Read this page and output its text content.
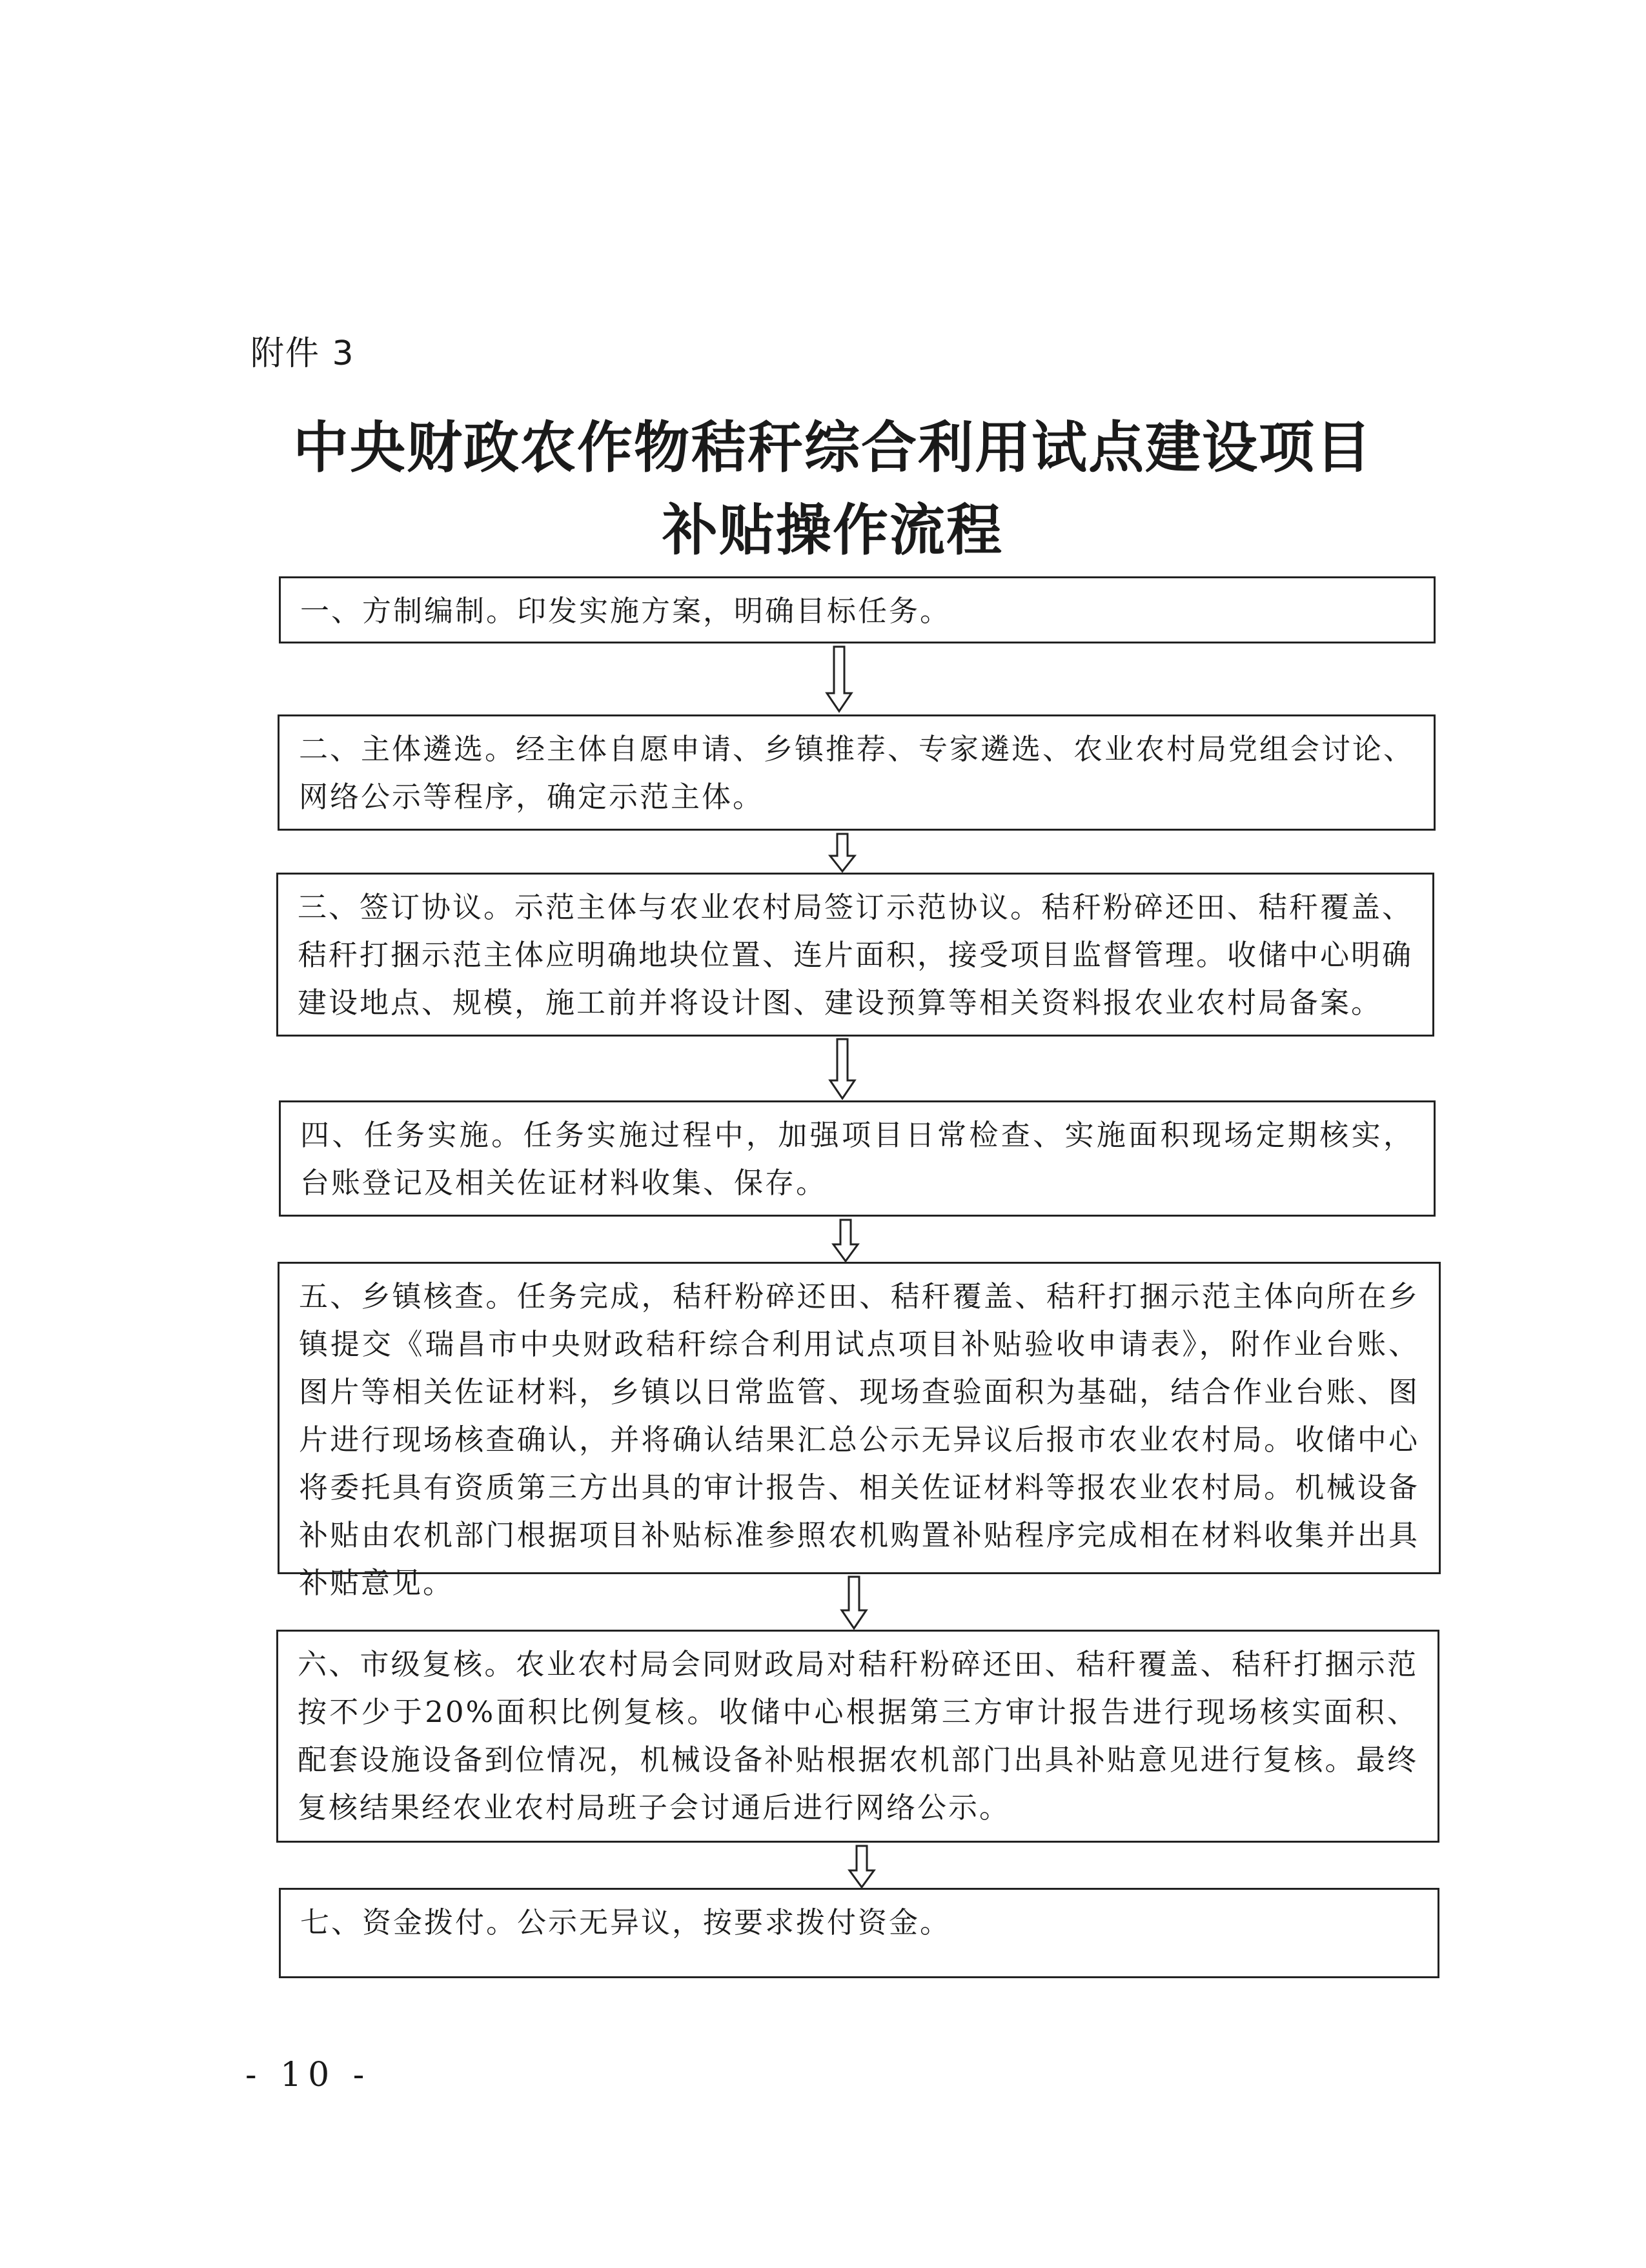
附件 3
中央财政农作物秸秆综合利用试点建设项目
补贴操作流程
一、方制编制。印发实施方案，明确目标任务。
二、主体遴选。经主体自愿申请、乡镇推荐、专家遴选、农业农村局党组会讨论、网络公示等程序，确定示范主体。
三、签订协议。示范主体与农业农村局签订示范协议。秸秆粉碎还田、秸秆覆盖、秸秆打捆示范主体应明确地块位置、连片面积，接受项目监督管理。收储中心明确建设地点、规模，施工前并将设计图、建设预算等相关资料报农业农村局备案。
四、任务实施。任务实施过程中，加强项目日常检查、实施面积现场定期核实，台账登记及相关佐证材料收集、保存。
五、乡镇核查。任务完成，秸秆粉碎还田、秸秆覆盖、秸秆打捆示范主体向所在乡镇提交《瑞昌市中央财政秸秆综合利用试点项目补贴验收申请表》，附作业台账、图片等相关佐证材料，乡镇以日常监管、现场查验面积为基础，结合作业台账、图片进行现场核查确认，并将确认结果汇总公示无异议后报市农业农村局。收储中心将委托具有资质第三方出具的审计报告、相关佐证材料等报农业农村局。机械设备补贴由农机部门根据项目补贴标准参照农机购置补贴程序完成相在材料收集并出具补贴意见。
六、市级复核。农业农村局会同财政局对秸秆粉碎还田、秸秆覆盖、秸秆打捆示范按不少于20%面积比例复核。收储中心根据第三方审计报告进行现场核实面积、配套设施设备到位情况，机械设备补贴根据农机部门出具补贴意见进行复核。最终复核结果经农业农村局班子会讨通后进行网络公示。
七、资金拨付。公示无异议，按要求拨付资金。
- 10 -
